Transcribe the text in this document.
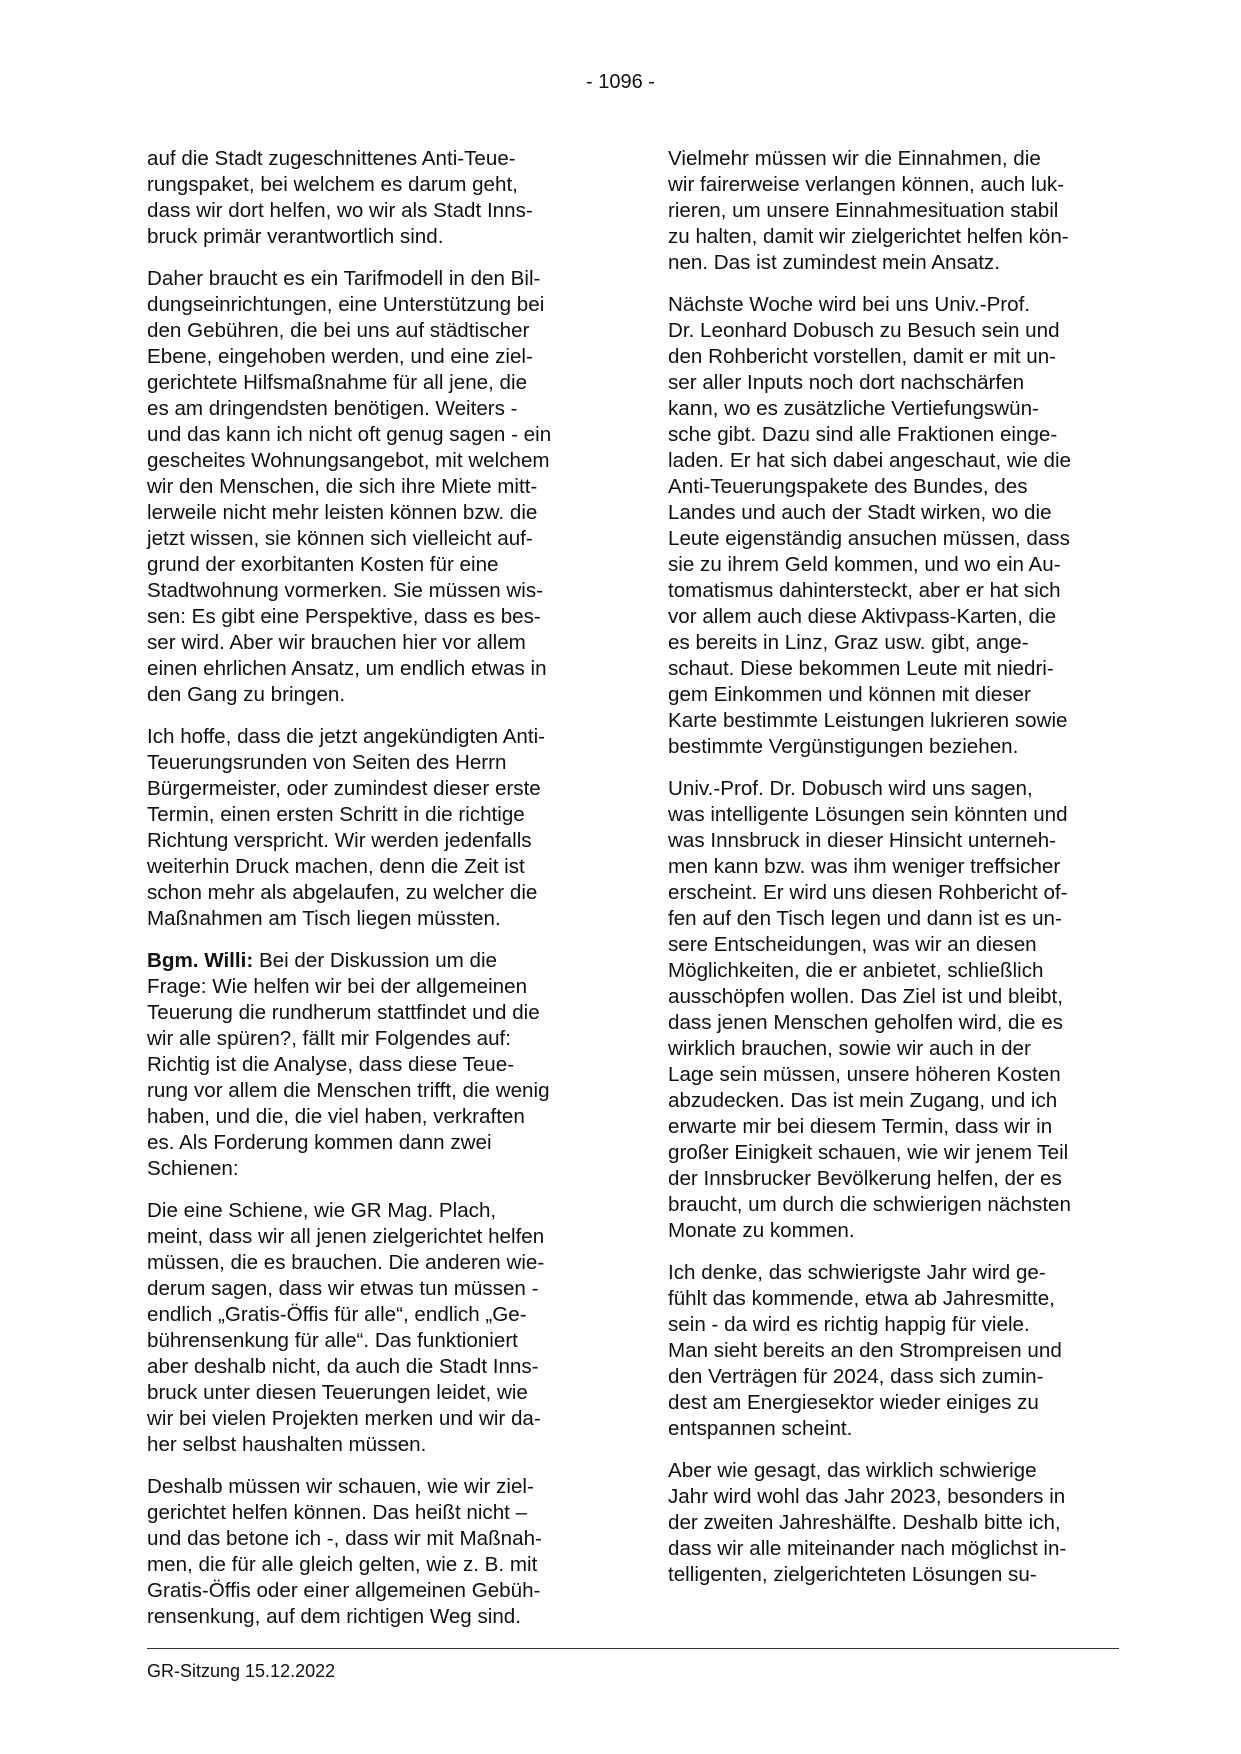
- 1096 -

auf die Stadt zugeschnittenes Anti-Teue-
rungspaket, bei welchem es darum geht,
dass wir dort helfen, wo wir als Stadt Inns-
bruck primär verantwortlich sind.

Daher braucht es ein Tarifmodell in den Bil-
dungseinrichtungen, eine Unterstützung bei
den Gebühren, die bei uns auf städtischer
Ebene, eingehoben werden, und eine ziel-
gerichtete Hilfsmaßnahme für all jene, die
es am dringendsten benötigen. Weiters -
und das kann ich nicht oft genug sagen - ein
gescheites Wohnungsangebot, mit welchem
wir den Menschen, die sich ihre Miete mitt-
lerweile nicht mehr leisten können bzw. die
jetzt wissen, sie können sich vielleicht auf-
grund der exorbitanten Kosten für eine
Stadtwohnung vormerken. Sie müssen wis-
sen: Es gibt eine Perspektive, dass es bes-
ser wird. Aber wir brauchen hier vor allem
einen ehrlichen Ansatz, um endlich etwas in
den Gang zu bringen.

Ich hoffe, dass die jetzt angekündigten Anti-
Teuerungsrunden von Seiten des Herrn
Bürgermeister, oder zumindest dieser erste
Termin, einen ersten Schritt in die richtige
Richtung verspricht. Wir werden jedenfalls
weiterhin Druck machen, denn die Zeit ist
schon mehr als abgelaufen, zu welcher die
Maßnahmen am Tisch liegen müssten.

Bgm. Willi: Bei der Diskussion um die
Frage: Wie helfen wir bei der allgemeinen
Teuerung die rundherum stattfindet und die
wir alle spüren?, fällt mir Folgendes auf:
Richtig ist die Analyse, dass diese Teue-
rung vor allem die Menschen trifft, die wenig
haben, und die, die viel haben, verkraften
es. Als Forderung kommen dann zwei
Schienen:

Die eine Schiene, wie GR Mag. Plach,
meint, dass wir all jenen zielgerichtet helfen
müssen, die es brauchen. Die anderen wie-
derum sagen, dass wir etwas tun müssen -
endlich „Gratis-Öffis für alle“, endlich „Ge-
bührensenkung für alle“. Das funktioniert
aber deshalb nicht, da auch die Stadt Inns-
bruck unter diesen Teuerungen leidet, wie
wir bei vielen Projekten merken und wir da-
her selbst haushalten müssen.

Deshalb müssen wir schauen, wie wir ziel-
gerichtet helfen können. Das heißt nicht –
und das betone ich -, dass wir mit Maßnah-
men, die für alle gleich gelten, wie z. B. mit
Gratis-Öffis oder einer allgemeinen Gebüh-
rensenkung, auf dem richtigen Weg sind.

Vielmehr müssen wir die Einnahmen, die
wir fairerweise verlangen können, auch luk-
rieren, um unsere Einnahmesituation stabil
zu halten, damit wir zielgerichtet helfen kön-
nen. Das ist zumindest mein Ansatz.

Nächste Woche wird bei uns Univ.-Prof.
Dr. Leonhard Dobusch zu Besuch sein und
den Rohbericht vorstellen, damit er mit un-
ser aller Inputs noch dort nachschärfen
kann, wo es zusätzliche Vertiefungswün-
sche gibt. Dazu sind alle Fraktionen einge-
laden. Er hat sich dabei angeschaut, wie die
Anti-Teuerungspakete des Bundes, des
Landes und auch der Stadt wirken, wo die
Leute eigenständig ansuchen müssen, dass
sie zu ihrem Geld kommen, und wo ein Au-
tomatismus dahintersteckt, aber er hat sich
vor allem auch diese Aktivpass-Karten, die
es bereits in Linz, Graz usw. gibt, ange-
schaut. Diese bekommen Leute mit niedri-
gem Einkommen und können mit dieser
Karte bestimmte Leistungen lukrieren sowie
bestimmte Vergünstigungen beziehen.

Univ.-Prof. Dr. Dobusch wird uns sagen,
was intelligente Lösungen sein könnten und
was Innsbruck in dieser Hinsicht unterneh-
men kann bzw. was ihm weniger treffsicher
erscheint. Er wird uns diesen Rohbericht of-
fen auf den Tisch legen und dann ist es un-
sere Entscheidungen, was wir an diesen
Möglichkeiten, die er anbietet, schließlich
ausschöpfen wollen. Das Ziel ist und bleibt,
dass jenen Menschen geholfen wird, die es
wirklich brauchen, sowie wir auch in der
Lage sein müssen, unsere höheren Kosten
abzudecken. Das ist mein Zugang, und ich
erwarte mir bei diesem Termin, dass wir in
großer Einigkeit schauen, wie wir jenem Teil
der Innsbrucker Bevölkerung helfen, der es
braucht, um durch die schwierigen nächsten
Monate zu kommen.

Ich denke, das schwierigste Jahr wird ge-
fühlt das kommende, etwa ab Jahresmitte,
sein - da wird es richtig happig für viele.
Man sieht bereits an den Strompreisen und
den Verträgen für 2024, dass sich zumin-
dest am Energiesektor wieder einiges zu
entspannen scheint.

Aber wie gesagt, das wirklich schwierige
Jahr wird wohl das Jahr 2023, besonders in
der zweiten Jahreshälfte. Deshalb bitte ich,
dass wir alle miteinander nach möglichst in-
telligenten, zielgerichteten Lösungen su-

GR-Sitzung 15.12.2022
